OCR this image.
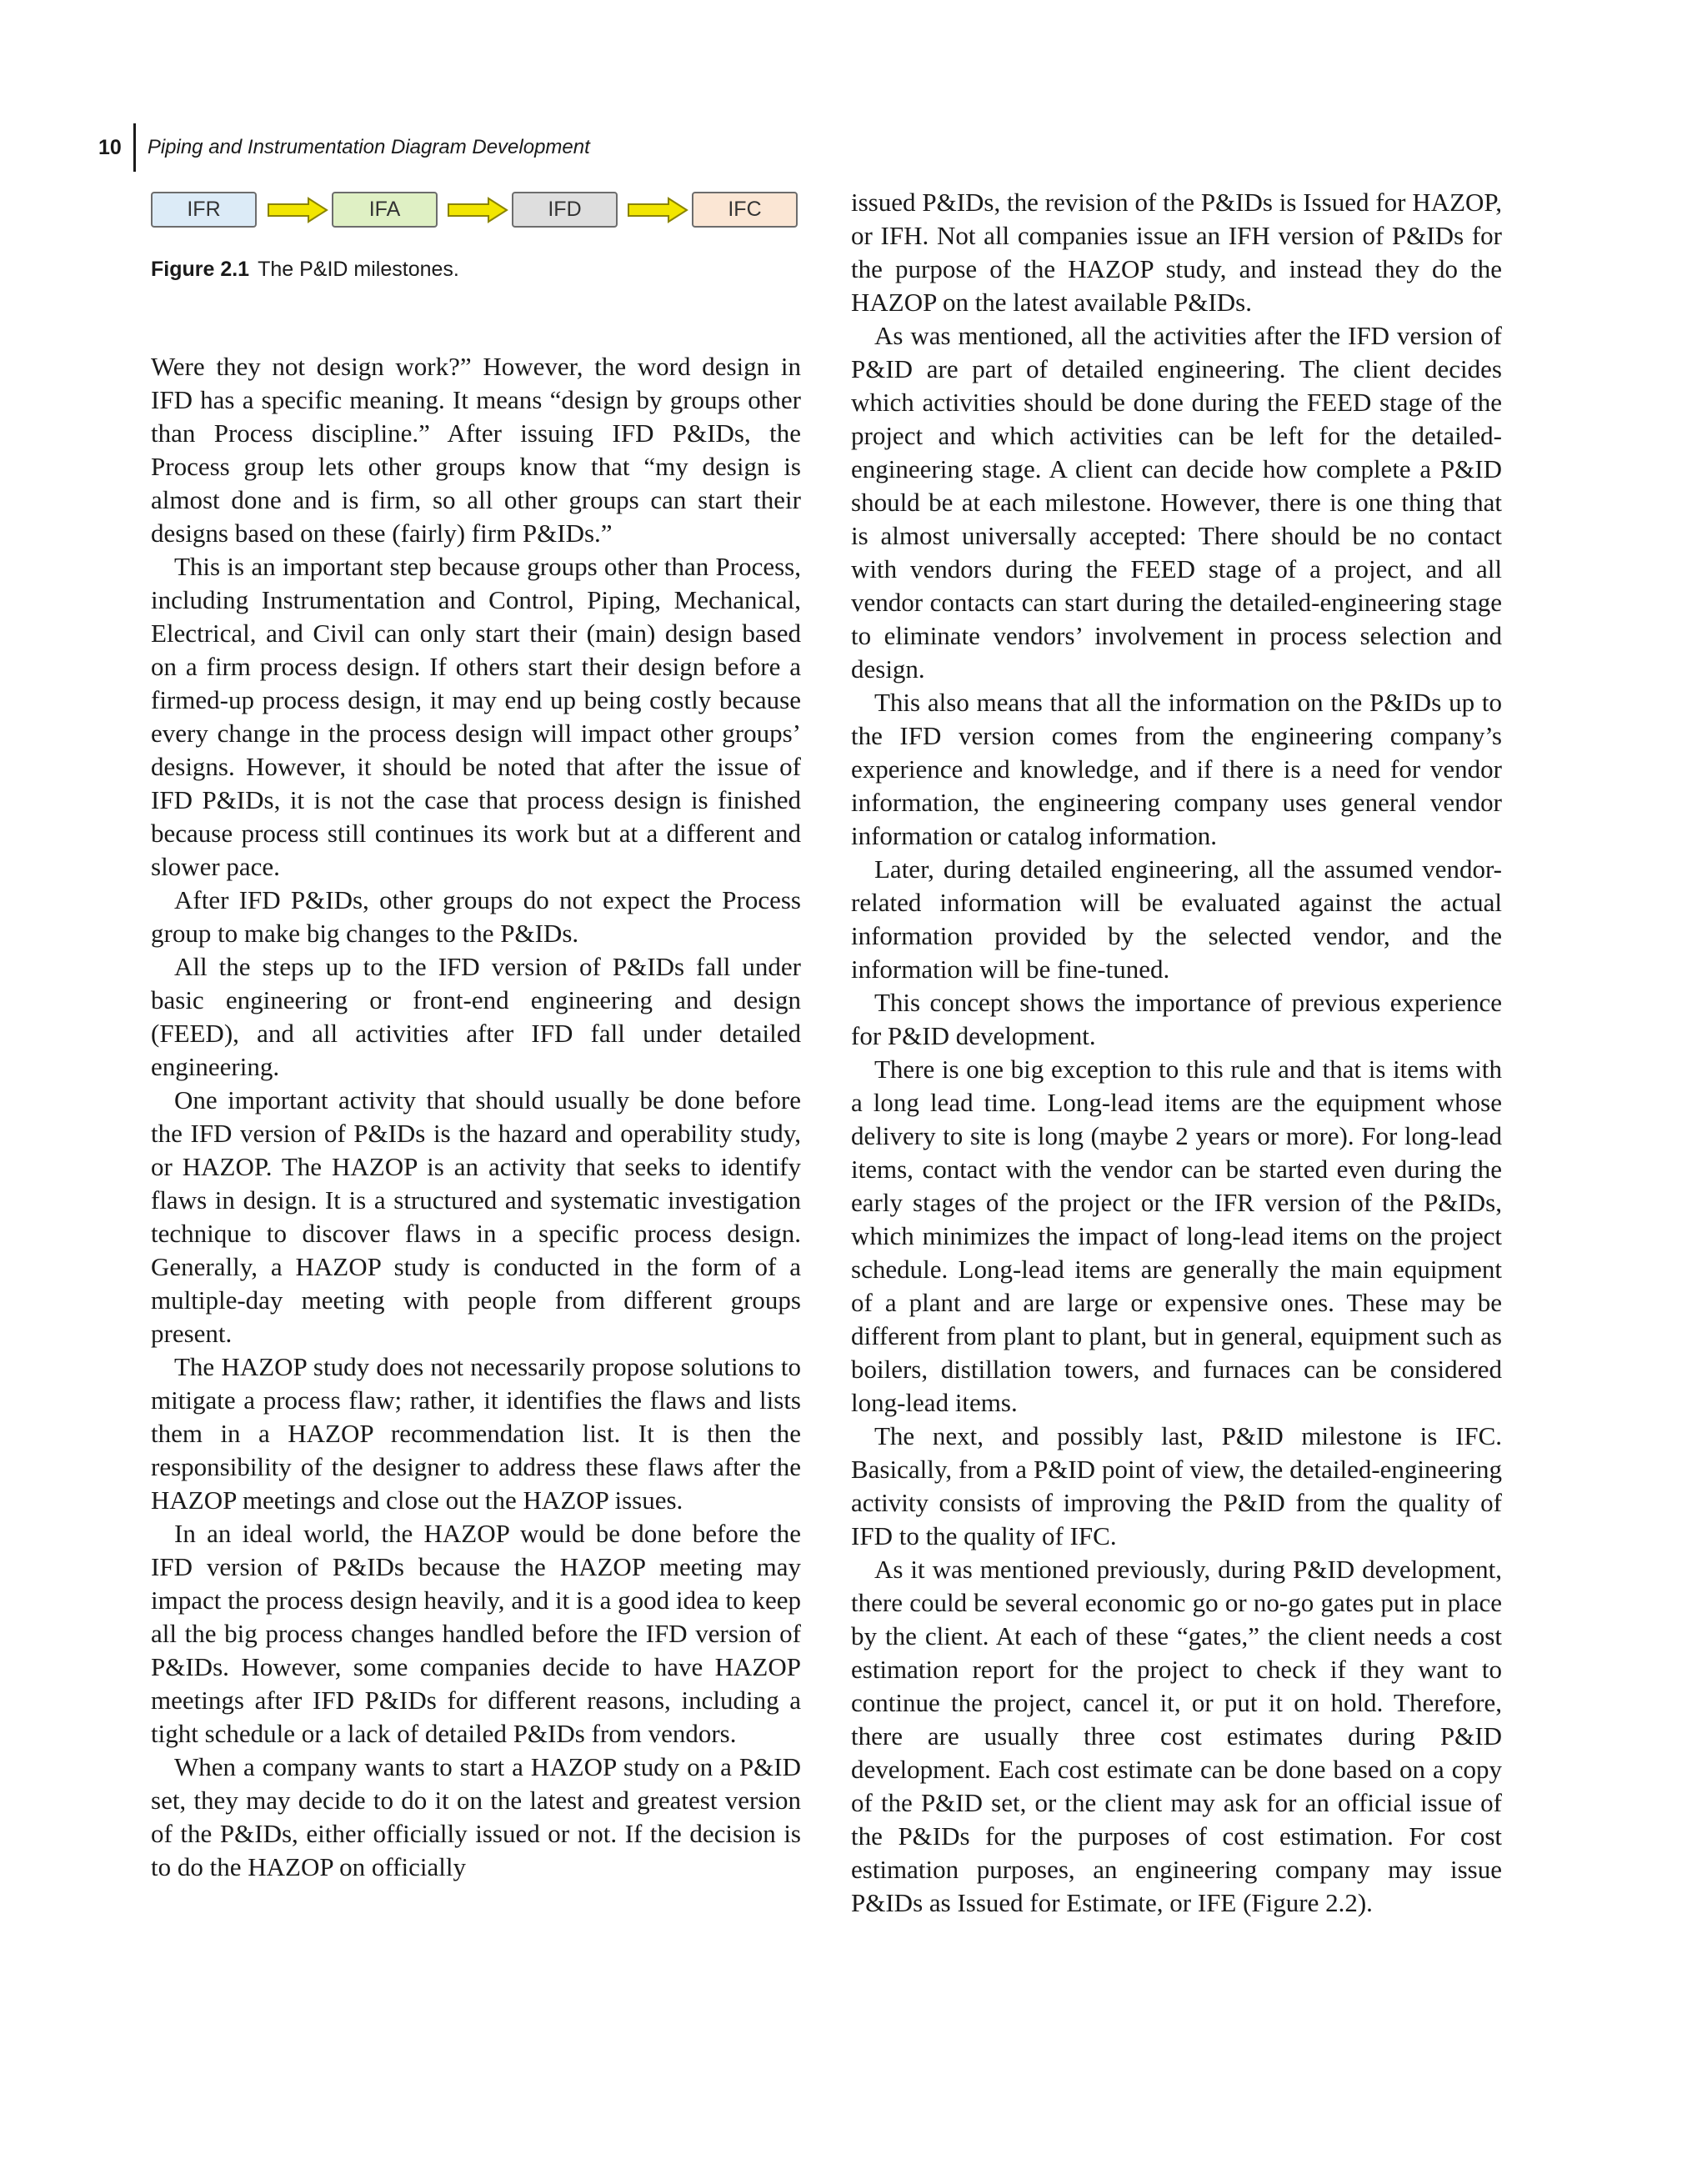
10	Piping and Instrumentation Diagram Development
IFR	IFA	IFD	IFC
Figure 2.1 The P&ID milestones.

Were they not design work?” However, the word design in IFD has a specific meaning. It means “design by groups other than Process discipline.” After issuing IFD P&IDs, the Process group lets other groups know that “my design is almost done and is firm, so all other groups can start their designs based on these (fairly) firm P&IDs.”

This is an important step because groups other than Process, including Instrumentation and Control, Piping, Mechanical, Electrical, and Civil can only start their (main) design based on a firm process design. If others start their design before a firmed-up process design, it may end up being costly because every change in the process design will impact other groups’ designs. However, it should be noted that after the issue of IFD P&IDs, it is not the case that process design is finished because process still continues its work but at a different and slower pace.

After IFD P&IDs, other groups do not expect the Process group to make big changes to the P&IDs.

All the steps up to the IFD version of P&IDs fall under basic engineering or front-end engineering and design (FEED), and all activities after IFD fall under detailed engineering.

One important activity that should usually be done before the IFD version of P&IDs is the hazard and operability study, or HAZOP. The HAZOP is an activity that seeks to identify flaws in design. It is a structured and systematic investigation technique to discover flaws in a specific process design. Generally, a HAZOP study is conducted in the form of a multiple-day meeting with people from different groups present.

The HAZOP study does not necessarily propose solutions to mitigate a process flaw; rather, it identifies the flaws and lists them in a HAZOP recommendation list. It is then the responsibility of the designer to address these flaws after the HAZOP meetings and close out the HAZOP issues.

In an ideal world, the HAZOP would be done before the IFD version of P&IDs because the HAZOP meeting may impact the process design heavily, and it is a good idea to keep all the big process changes handled before the IFD version of P&IDs. However, some companies decide to have HAZOP meetings after IFD P&IDs for different reasons, including a tight schedule or a lack of detailed P&IDs from vendors.

When a company wants to start a HAZOP study on a P&ID set, they may decide to do it on the latest and greatest version of the P&IDs, either officially issued or not. If the decision is to do the HAZOP on officially

issued P&IDs, the revision of the P&IDs is Issued for HAZOP, or IFH. Not all companies issue an IFH version of P&IDs for the purpose of the HAZOP study, and instead they do the HAZOP on the latest available P&IDs.

As was mentioned, all the activities after the IFD version of P&ID are part of detailed engineering. The client decides which activities should be done during the FEED stage of the project and which activities can be left for the detailed-engineering stage. A client can decide how complete a P&ID should be at each milestone. However, there is one thing that is almost universally accepted: There should be no contact with vendors during the FEED stage of a project, and all vendor contacts can start during the detailed-engineering stage to eliminate vendors’ involvement in process selection and design.

This also means that all the information on the P&IDs up to the IFD version comes from the engineering company’s experience and knowledge, and if there is a need for vendor information, the engineering company uses general vendor information or catalog information.

Later, during detailed engineering, all the assumed vendor-related information will be evaluated against the actual information provided by the selected vendor, and the information will be fine-tuned.

This concept shows the importance of previous experience for P&ID development.

There is one big exception to this rule and that is items with a long lead time. Long-lead items are the equipment whose delivery to site is long (maybe 2 years or more). For long-lead items, contact with the vendor can be started even during the early stages of the project or the IFR version of the P&IDs, which minimizes the impact of long-lead items on the project schedule. Long-lead items are generally the main equipment of a plant and are large or expensive ones. These may be different from plant to plant, but in general, equipment such as boilers, distillation towers, and furnaces can be considered long-lead items.

The next, and possibly last, P&ID milestone is IFC. Basically, from a P&ID point of view, the detailed-engineering activity consists of improving the P&ID from the quality of IFD to the quality of IFC.

As it was mentioned previously, during P&ID development, there could be several economic go or no-go gates put in place by the client. At each of these “gates,” the client needs a cost estimation report for the project to check if they want to continue the project, cancel it, or put it on hold. Therefore, there are usually three cost estimates during P&ID development. Each cost estimate can be done based on a copy of the P&ID set, or the client may ask for an official issue of the P&IDs for the purposes of cost estimation. For cost estimation purposes, an engineering company may issue P&IDs as Issued for Estimate, or IFE (Figure 2.2).
